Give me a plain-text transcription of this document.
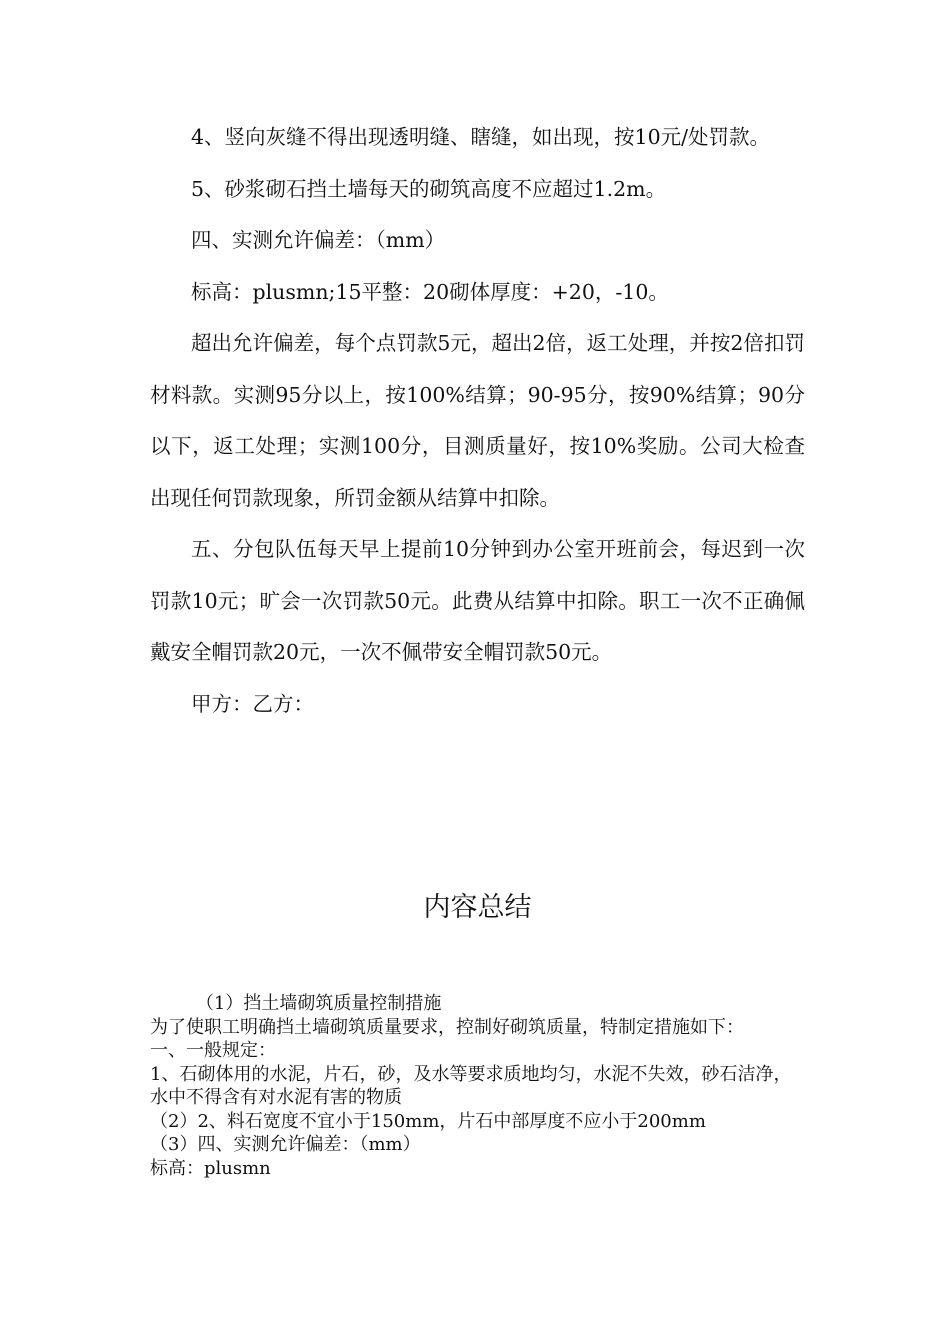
4、竖向灰缝不得出现透明缝、瞎缝，如出现，按10元/处罚款。

5、砂浆砌石挡土墙每天的砌筑高度不应超过1.2m。

四、实测允许偏差：（mm）

标高：plusmn;15平整：20砌体厚度：+20，-10。

超出允许偏差，每个点罚款5元，超出2倍，返工处理，并按2倍扣罚材料款。实测95分以上，按100%结算；90-95分，按90%结算；90分以下，返工处理；实测100分，目测质量好，按10%奖励。公司大检查出现任何罚款现象，所罚金额从结算中扣除。

五、分包队伍每天早上提前10分钟到办公室开班前会，每迟到一次罚款10元；旷会一次罚款50元。此费从结算中扣除。职工一次不正确佩戴安全帽罚款20元，一次不佩带安全帽罚款50元。

甲方：乙方：

内容总结

（1）挡土墙砌筑质量控制措施

为了使职工明确挡土墙砌筑质量要求，控制好砌筑质量，特制定措施如下：

一、一般规定：

1、石砌体用的水泥，片石，砂，及水等要求质地均匀，水泥不失效，砂石洁净，水中不得含有对水泥有害的物质

（2）2、料石宽度不宜小于150mm，片石中部厚度不应小于200mm

（3）四、实测允许偏差：（mm）

标高：plusmn
